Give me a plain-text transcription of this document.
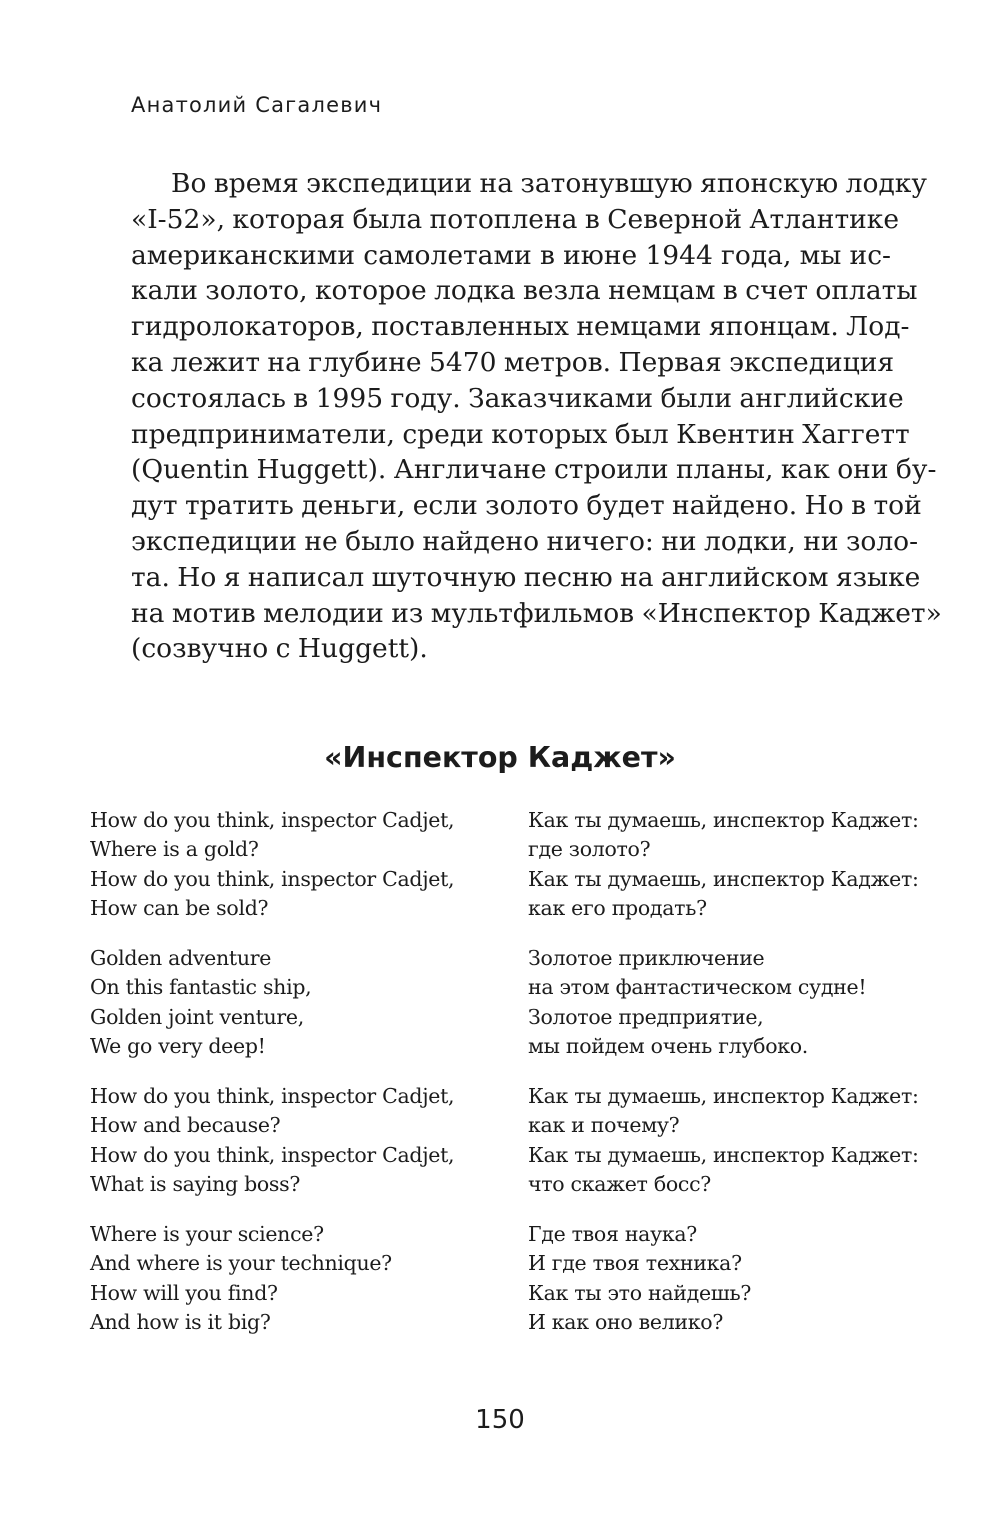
Анатолий Сагалевич
Во время экспедиции на затонувшую японскую лодку
«I-52», которая была потоплена в Северной Атлантике
американскими самолетами в июне 1944 года, мы ис-
кали золото, которое лодка везла немцам в счет оплаты
гидролокаторов, поставленных немцами японцам. Лод-
ка лежит на глубине 5470 метров. Первая экспедиция
состоялась в 1995 году. Заказчиками были английские
предприниматели, среди которых был Квентин Хаггетт
(Quentin Huggett). Англичане строили планы, как они бу-
дут тратить деньги, если золото будет найдено. Но в той
экспедиции не было найдено ничего: ни лодки, ни золо-
та. Но я написал шуточную песню на английском языке
на мотив мелодии из мультфильмов «Инспектор Каджет»
(созвучно с Huggett).
«Инспектор Каджет»
How do you think, inspector Cadjet,
Where is a gold?
How do you think, inspector Cadjet,
How can be sold?
Golden adventure
On this fantastic ship,
Golden joint venture,
We go very deep!
How do you think, inspector Cadjet,
How and because?
How do you think, inspector Cadjet,
What is saying boss?
Where is your science?
And where is your technique?
How will you find?
And how is it big?
Как ты думаешь, инспектор Каджет:
где золото?
Как ты думаешь, инспектор Каджет:
как его продать?
Золотое приключение
на этом фантастическом судне!
Золотое предприятие,
мы пойдем очень глубоко.
Как ты думаешь, инспектор Каджет:
как и почему?
Как ты думаешь, инспектор Каджет:
что скажет босс?
Где твоя наука?
И где твоя техника?
Как ты это найдешь?
И как оно велико?
150
